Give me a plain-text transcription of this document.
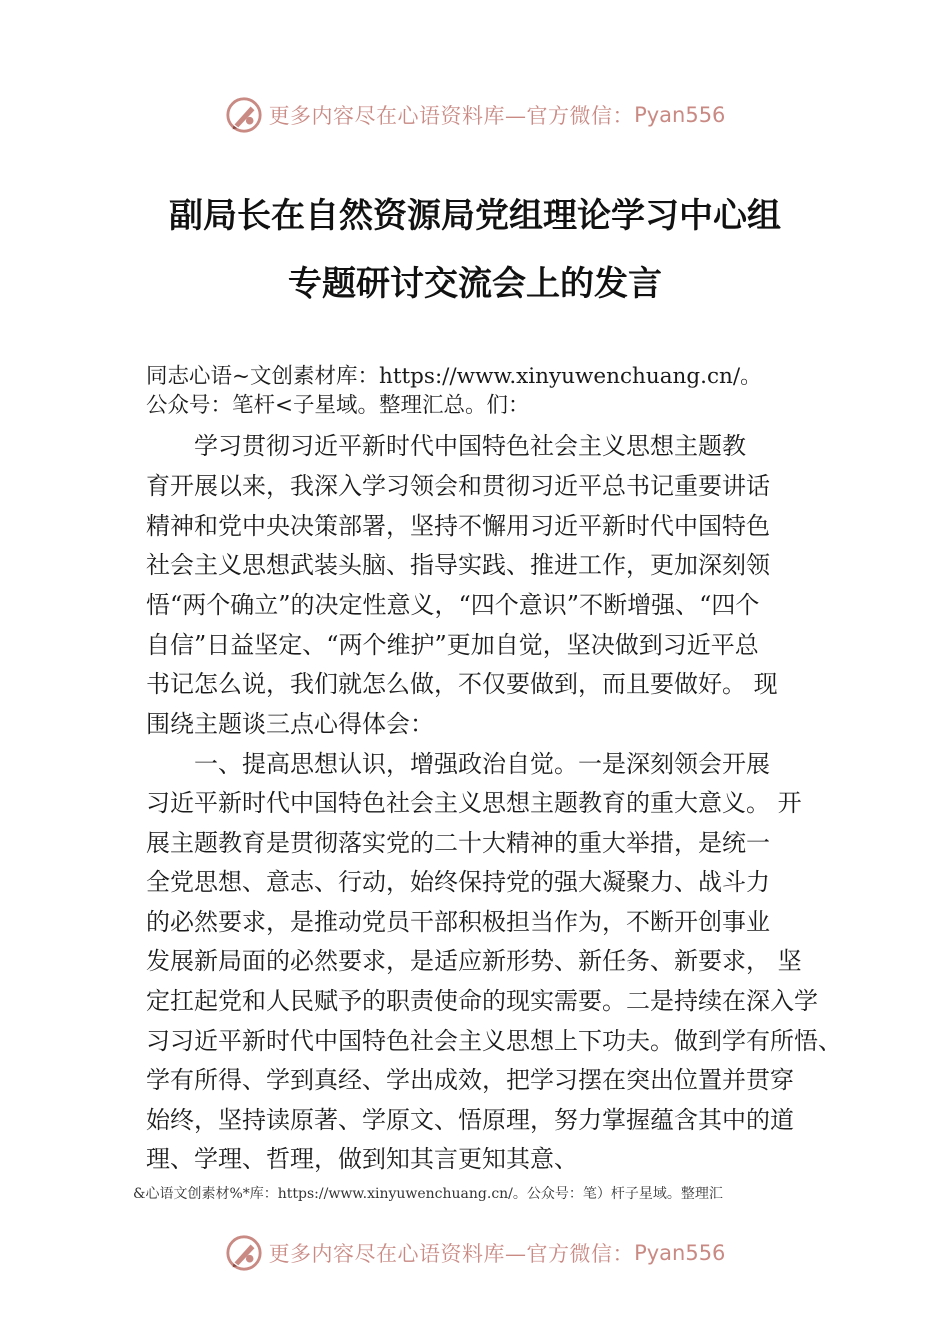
更多内容尽在心语资料库—官方微信： Pyan556
副局长在自然资源局党组理论学习中心组
专题研讨交流会上的发言
同志心语~文创素材库：https://www.xinyuwenchuang.cn/。
公众号：笔杆<子星域。整理汇总。们：
　　学习贯彻习近平新时代中国特色社会主义思想主题教
育开展以来，我深入学习领会和贯彻习近平总书记重要讲话
精神和党中央决策部署，坚持不懈用习近平新时代中国特色
社会主义思想武装头脑、指导实践、推进工作，更加深刻领
悟“两个确立”的决定性意义，“四个意识”不断增强、“四个
自信”日益坚定、“两个维护”更加自觉，坚决做到习近平总
书记怎么说，我们就怎么做，不仅要做到，而且要做好。 现
围绕主题谈三点心得体会：
　　一、提高思想认识，增强政治自觉。一是深刻领会开展
习近平新时代中国特色社会主义思想主题教育的重大意义。 开
展主题教育是贯彻落实党的二十大精神的重大举措，是统一
全党思想、意志、行动，始终保持党的强大凝聚力、战斗力
的必然要求，是推动党员干部积极担当作为，不断开创事业
发展新局面的必然要求，是适应新形势、新任务、新要求， 坚
定扛起党和人民赋予的职责使命的现实需要。二是持续在深入学
习习近平新时代中国特色社会主义思想上下功夫。做到学有所悟、
学有所得、学到真经、学出成效，把学习摆在突出位置并贯穿
始终，坚持读原著、学原文、悟原理，努力掌握蕴含其中的道
理、学理、哲理，做到知其言更知其意、
&心语文创素材%*库：https://www.xinyuwenchuang.cn/。公众号：笔）杆子星域。整理汇
更多内容尽在心语资料库—官方微信： Pyan556
